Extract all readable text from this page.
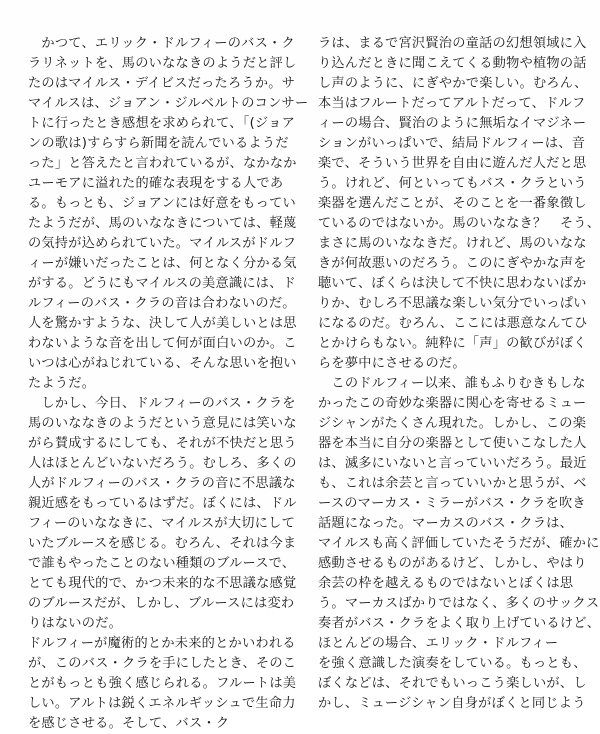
　かつて、エリック・ドルフィーのバス・ク
ラリネットを、馬のいななきのようだと評し
たのはマイルス・デイビスだったろうか。サ
マイルスは、ジョアン・ジルベルトのコンサー
トに行ったとき感想を求められて、「(ジョア
ンの歌は)すらすら新聞を読んでいるようだ
った」と答えたと言われているが、なかなか
ユーモアに溢れた的確な表現をする人であ
る。もっとも、ジョアンには好意をもってい
たようだが、馬のいななきについては、軽蔑
の気持が込められていた。マイルスがドルフ
ィーが嫌いだったことは、何となく分かる気
がする。どうにもマイルスの美意識には、ド
ルフィーのバス・クラの音は合わないのだ。
人を驚かすような、決して人が美しいとは思
わないような音を出して何が面白いのか。こ
いつは心がねじれている、そんな思いを抱い
たようだ。
　しかし、今日、ドルフィーのバス・クラを
馬のいななきのようだという意見には笑いな
がら賛成するにしても、それが不快だと思う
人はほとんどいないだろう。むしろ、多くの
人がドルフィーのバス・クラの音に不思議な
親近感をもっているはずだ。ぼくには、ドル
フィーのいななきに、マイルスが大切にして
いたブルースを感じる。むろん、それは今ま
で誰もやったことのない種類のブルースで、
とても現代的で、かつ未来的な不思議な感覚
のブルースだが、しかし、ブルースには変わ
りはないのだ。
ドルフィーが魔術的とか未来的とかいわれる
が、このバス・クラを手にしたとき、そのこ
とがもっとも強く感じられる。フルートは美
しい。アルトは鋭くエネルギッシュで生命力
を感じさせる。そして、バス・ク
ラは、まるで宮沢賢治の童話の幻想領域に入
り込んだときに聞こえてくる動物や植物の話
し声のように、にぎやかで楽しい。むろん、
本当はフルートだってアルトだって、ドルフ
ィーの場合、賢治のように無垢なイマジネー
ションがいっぱいで、結局ドルフィーは、音
楽で、そういう世界を自由に遊んだ人だと思
う。けれど、何といってもバス・クラという
楽器を選んだことが、そのことを一番象徴し
ているのではないか。馬のいななき？　そう、
まさに馬のいななきだ。けれど、馬のいなな
きが何故悪いのだろう。このにぎやかな声を
聴いて、ぼくらは決して不快に思わないばか
りか、むしろ不思議な楽しい気分でいっぱい
になるのだ。むろん、ここには悪意なんてひ
とかけらもない。純粋に「声」の歓びがぼく
らを夢中にさせるのだ。
　このドルフィー以来、誰もふりむきもしな
かったこの奇妙な楽器に関心を寄せるミュー
ジシャンがたくさん現れた。しかし、この楽
器を本当に自分の楽器として使いこなした人
は、滅多にいないと言っていいだろう。最近
も、これは余芸と言っていいかと思うが、ベ
ースのマーカス・ミラーがバス・クラを吹き
話題になった。マーカスのバス・クラは、
マイルスも高く評価していたそうだが、確かに
感動させるものがあるけど、しかし、やはり
余芸の枠を越えるものではないとぼくは思
う。マーカスばかりではなく、多くのサックス
奏者がバス・クラをよく取り上げているけど、
ほとんどの場合、エリック・ドルフィー
を強く意識した演奏をしている。もっとも、
ぼくなどは、それでもいっこう楽しいが、し
かし、ミュージシャン自身がぼくと同じよう
